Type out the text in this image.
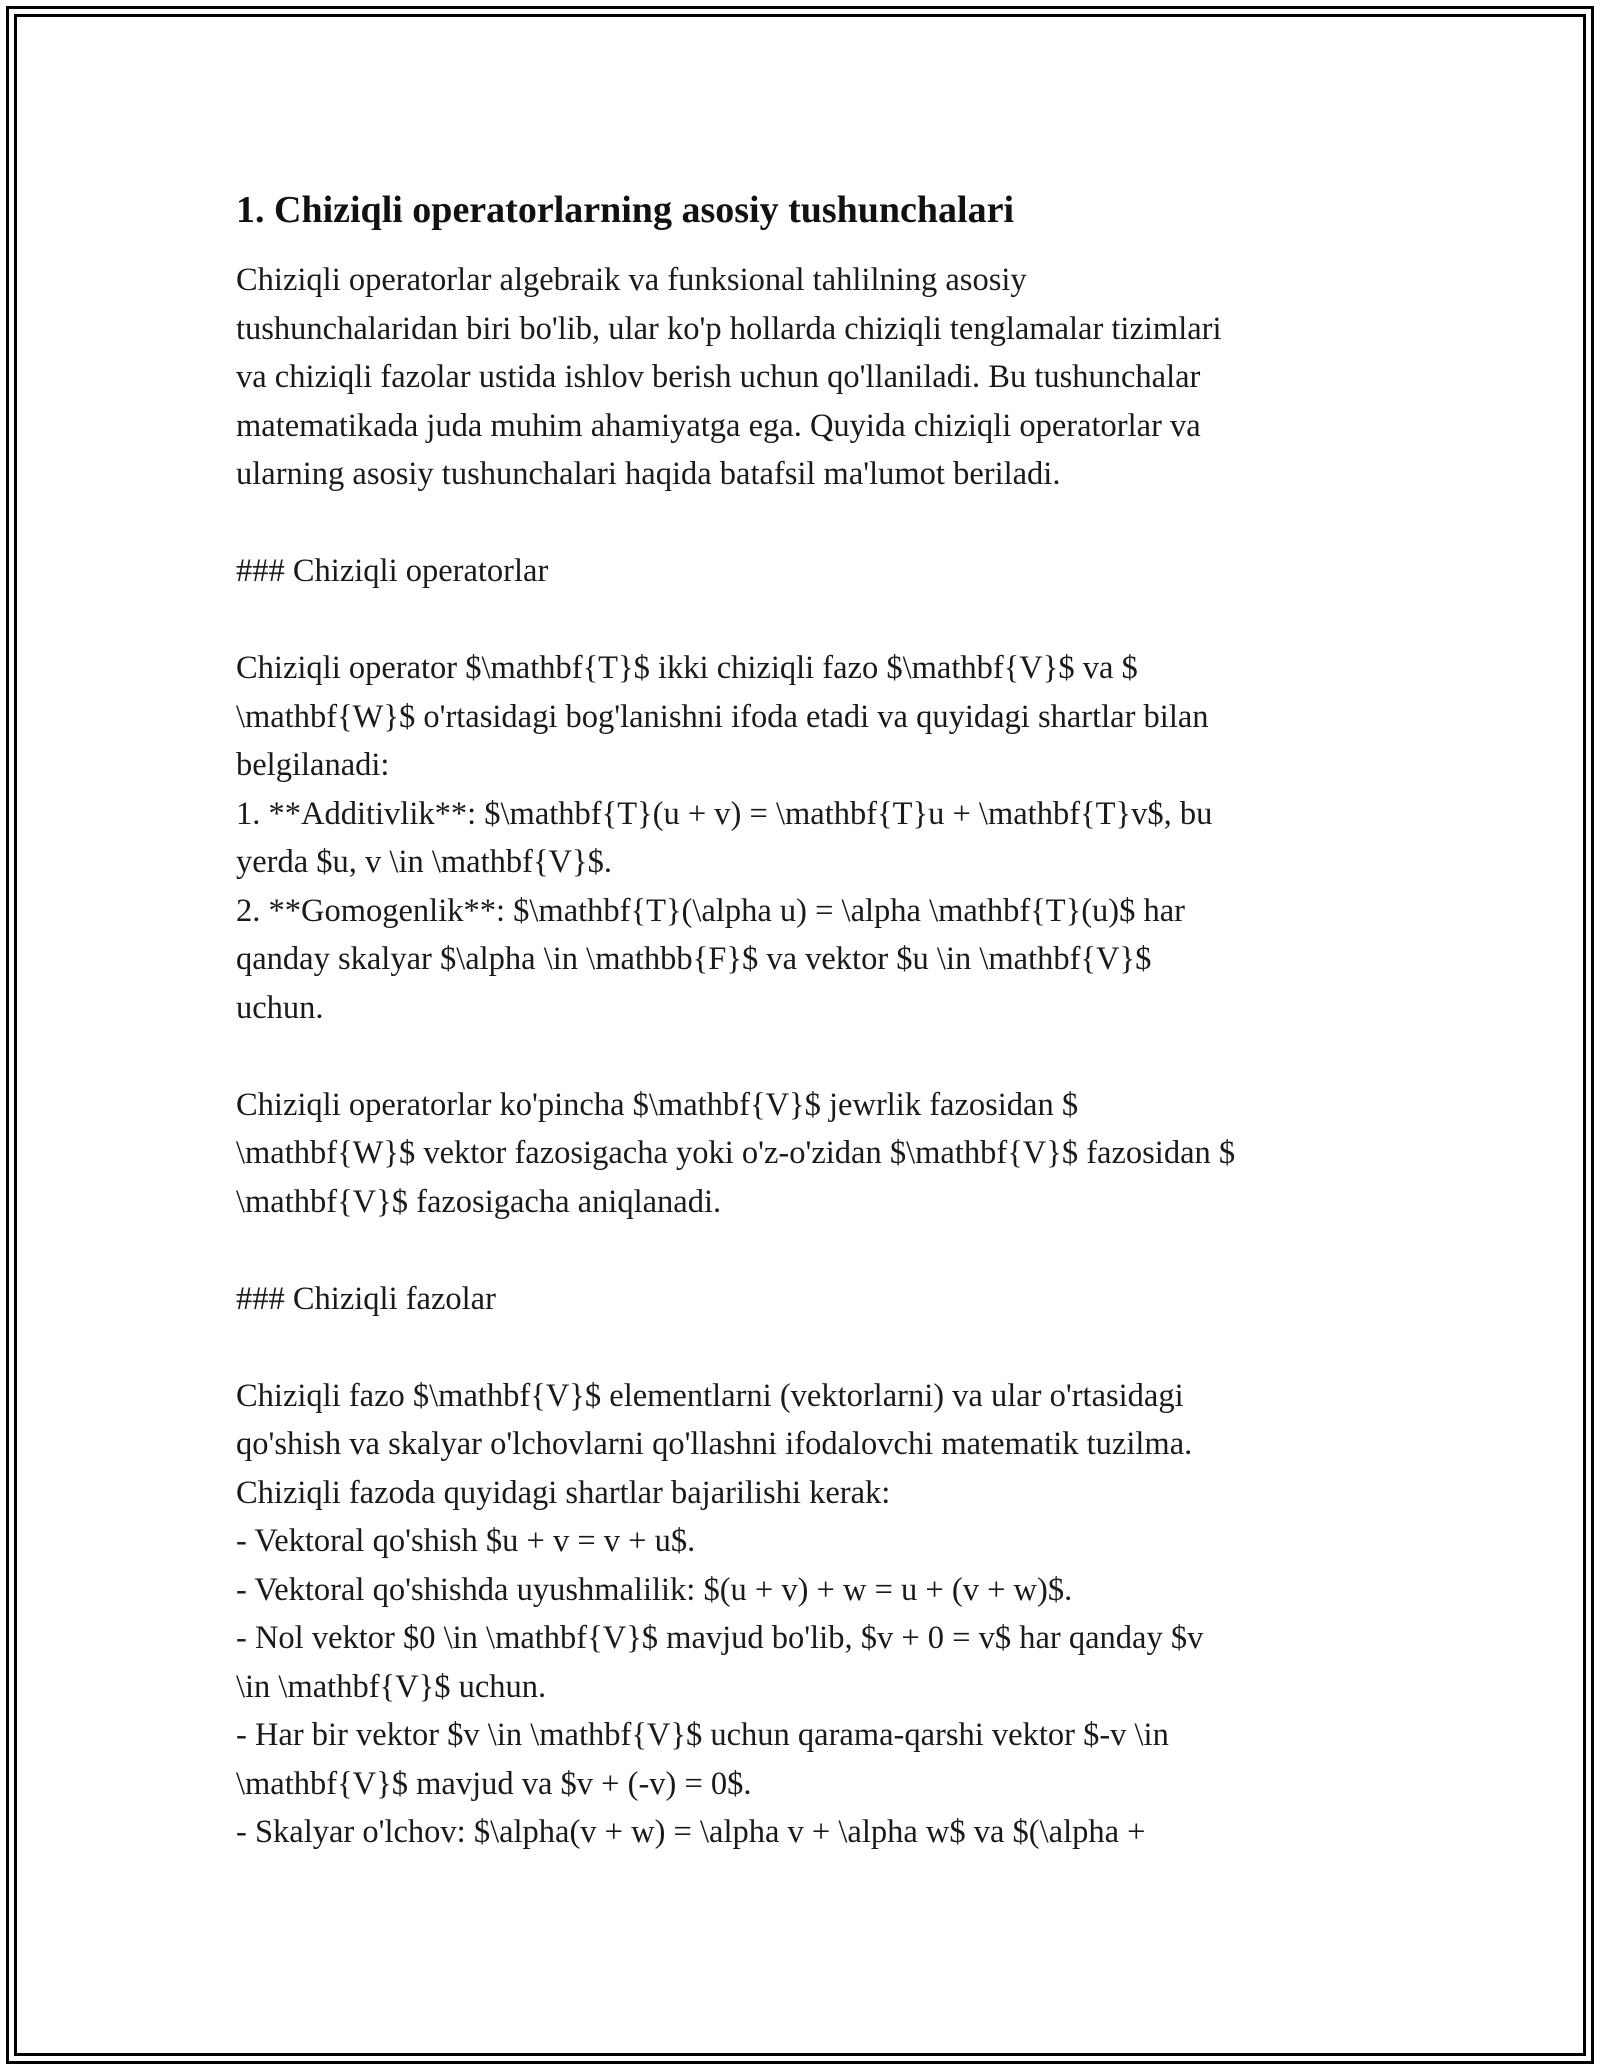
1. Chiziqli operatorlarning asosiy tushunchalari
Chiziqli operatorlar algebraik va funksional tahlilning asosiy
tushunchalaridan biri bo'lib, ular ko'p hollarda chiziqli tenglamalar tizimlari
va chiziqli fazolar ustida ishlov berish uchun qo'llaniladi. Bu tushunchalar
matematikada juda muhim ahamiyatga ega. Quyida chiziqli operatorlar va
ularning asosiy tushunchalari haqida batafsil ma'lumot beriladi.
### Chiziqli operatorlar
Chiziqli operator $\mathbf{T}$ ikki chiziqli fazo $\mathbf{V}$ va $
\mathbf{W}$ o'rtasidagi bog'lanishni ifoda etadi va quyidagi shartlar bilan
belgilanadi:
1. **Additivlik**: $\mathbf{T}(u + v) = \mathbf{T}u + \mathbf{T}v$, bu
yerda $u, v \in \mathbf{V}$.
2. **Gomogenlik**: $\mathbf{T}(\alpha u) = \alpha \mathbf{T}(u)$ har
qanday skalyar $\alpha \in \mathbb{F}$ va vektor $u \in \mathbf{V}$
uchun.
Chiziqli operatorlar ko'pincha $\mathbf{V}$ jewrlik fazosidan $
\mathbf{W}$ vektor fazosigacha yoki o'z-o'zidan $\mathbf{V}$ fazosidan $
\mathbf{V}$ fazosigacha aniqlanadi.
### Chiziqli fazolar
Chiziqli fazo $\mathbf{V}$ elementlarni (vektorlarni) va ular o'rtasidagi
qo'shish va skalyar o'lchovlarni qo'llashni ifodalovchi matematik tuzilma.
Chiziqli fazoda quyidagi shartlar bajarilishi kerak:
- Vektoral qo'shish $u + v = v + u$.
- Vektoral qo'shishda uyushmalilik: $(u + v) + w = u + (v + w)$.
- Nol vektor $0 \in \mathbf{V}$ mavjud bo'lib, $v + 0 = v$ har qanday $v
\in \mathbf{V}$ uchun.
- Har bir vektor $v \in \mathbf{V}$ uchun qarama-qarshi vektor $-v \in
\mathbf{V}$ mavjud va $v + (-v) = 0$.
- Skalyar o'lchov: $\alpha(v + w) = \alpha v + \alpha w$ va $(\alpha +
